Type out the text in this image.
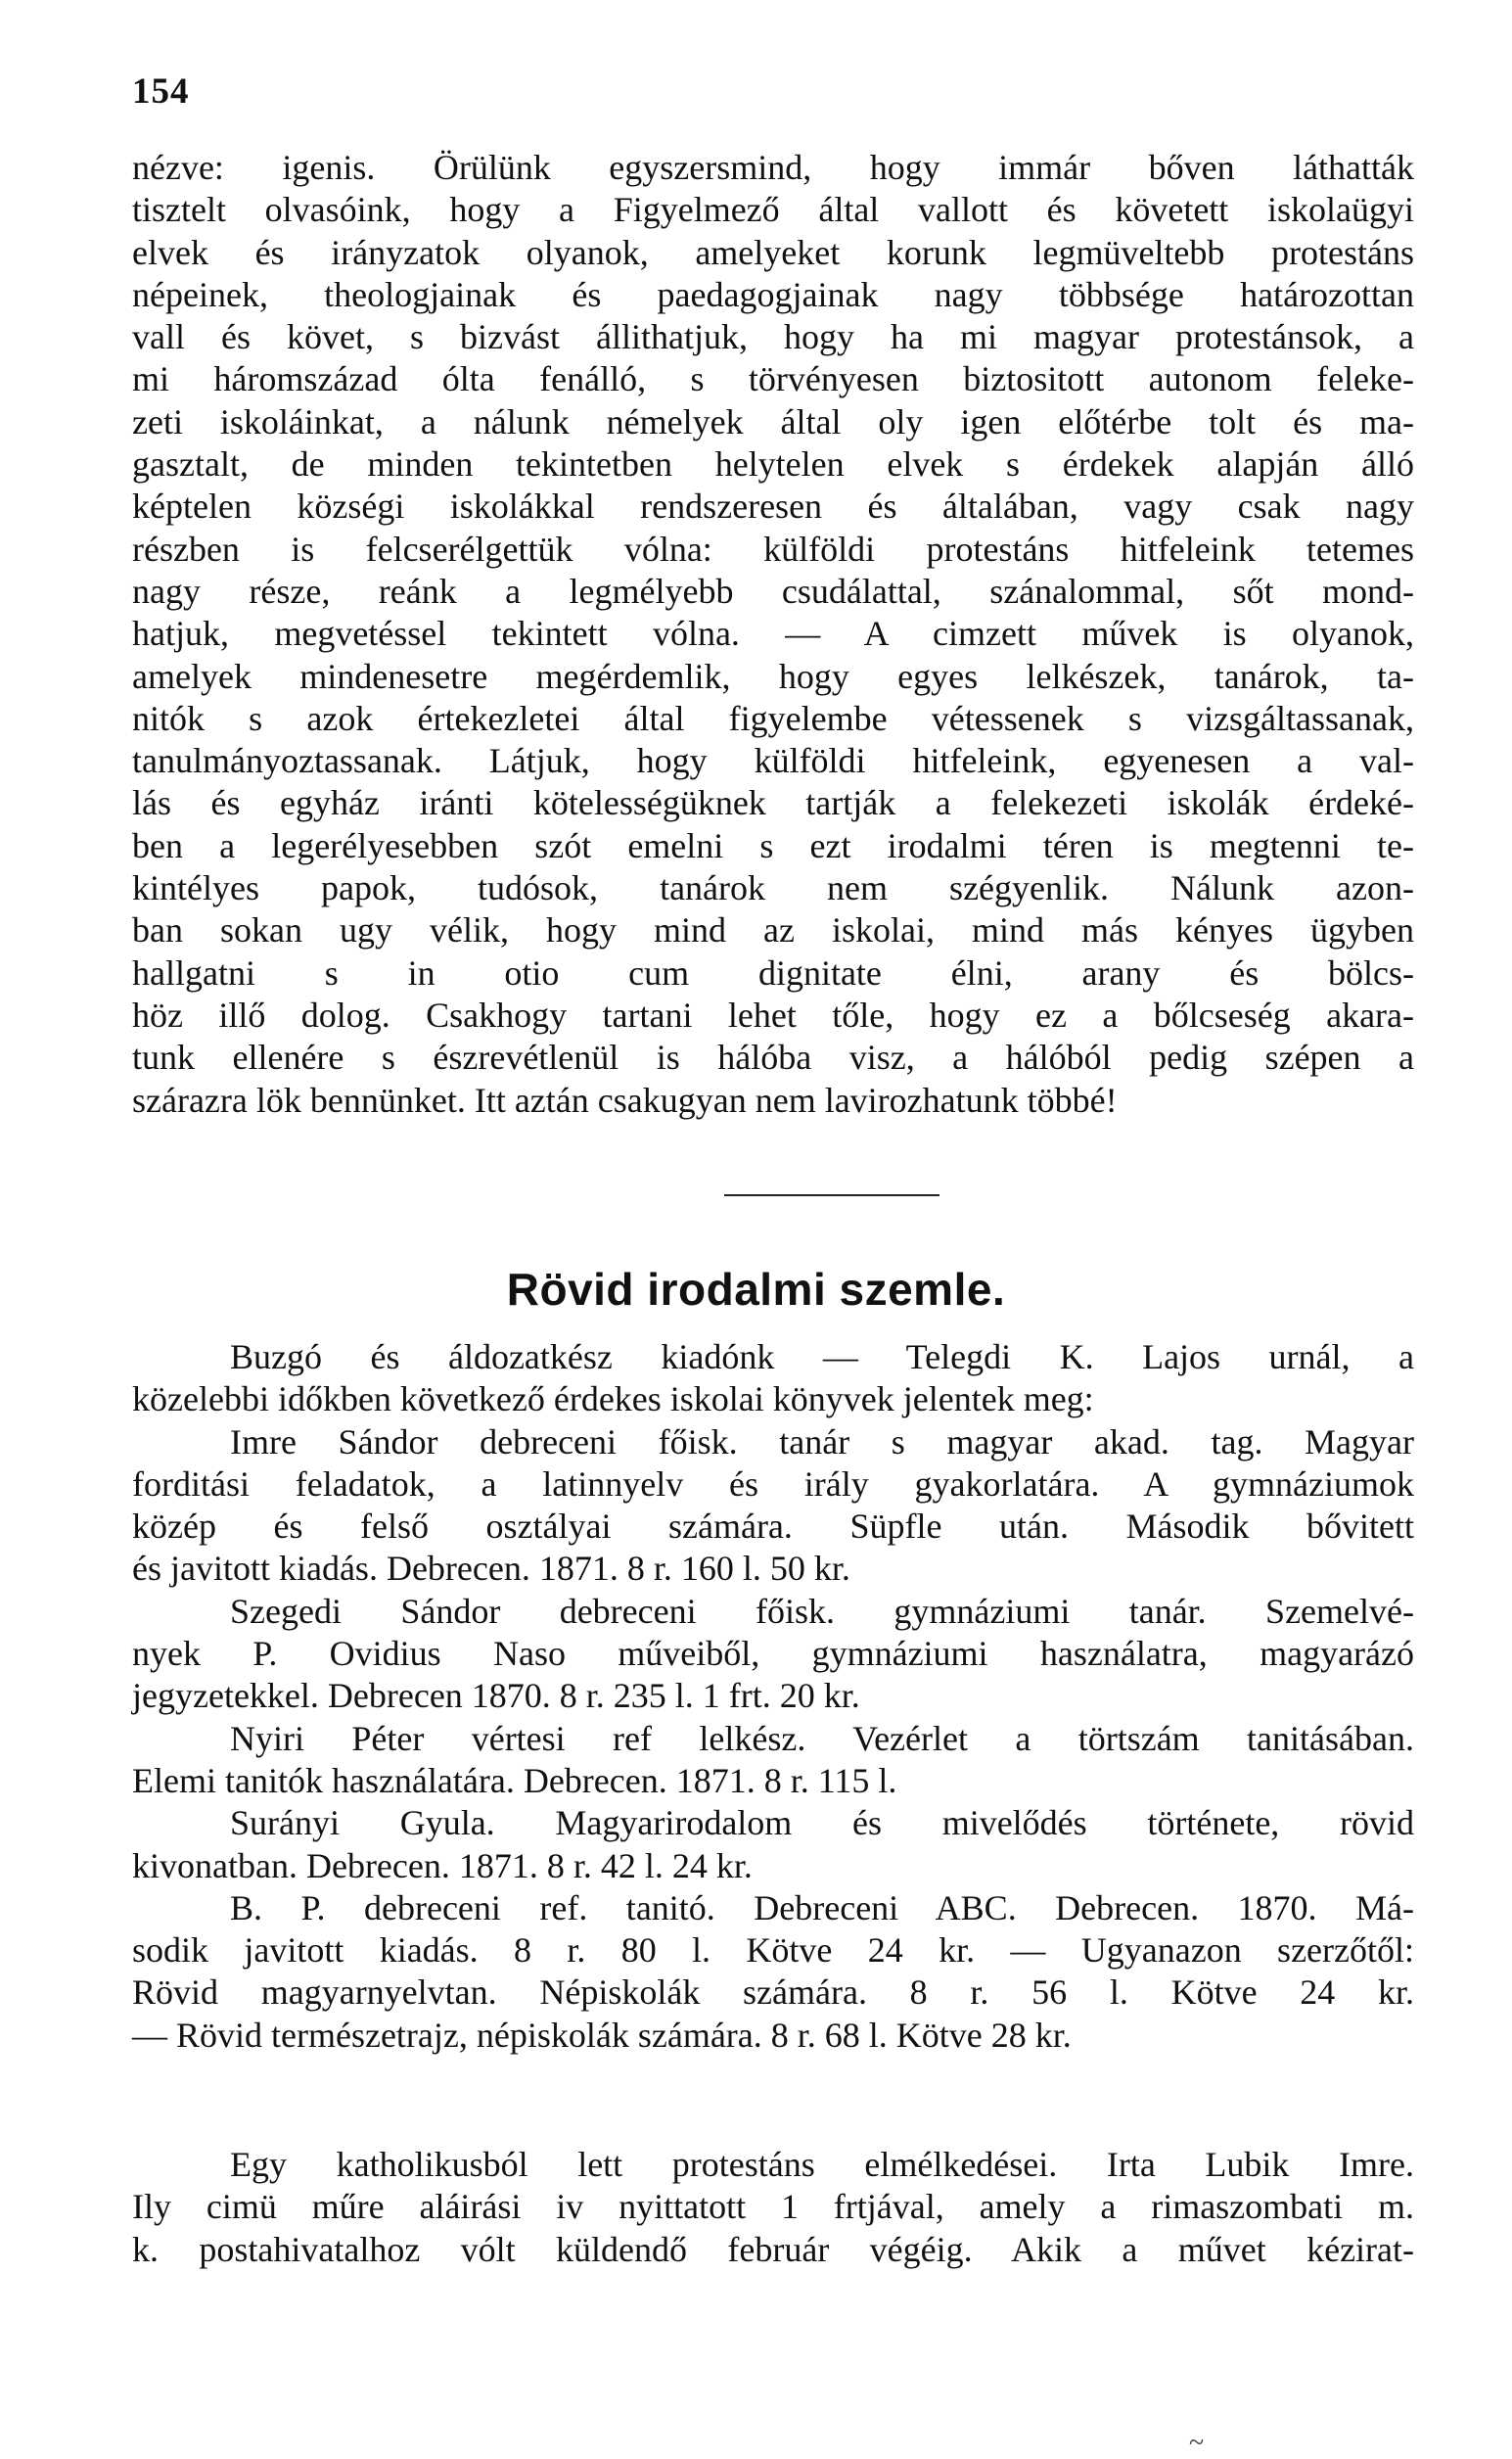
154
nézve: igenis. Örülünk egyszersmind, hogy immár bőven láthatták
tisztelt olvasóink, hogy a Figyelmező által vallott és követett iskolaügyi
elvek és irányzatok olyanok, amelyeket korunk legmüveltebb protestáns
népeinek, theologjainak és paedagogjainak nagy többsége határozottan
vall és követ, s bizvást állithatjuk, hogy ha mi magyar protestánsok, a
mi háromszázad ólta fenálló, s törvényesen biztositott autonom feleke-
zeti iskoláinkat, a nálunk némelyek által oly igen előtérbe tolt és ma-
gasztalt, de minden tekintetben helytelen elvek s érdekek alapján álló
képtelen községi iskolákkal rendszeresen és általában, vagy csak nagy
részben is felcserélgettük vólna: külföldi protestáns hitfeleink tetemes
nagy része, reánk a legmélyebb csudálattal, szánalommal, sőt mond-
hatjuk, megvetéssel tekintett vólna. — A cimzett művek is olyanok,
amelyek mindenesetre megérdemlik, hogy egyes lelkészek, tanárok, ta-
nitók s azok értekezletei által figyelembe vétessenek s vizsgáltassanak,
tanulmányoztassanak. Látjuk, hogy külföldi hitfeleink, egyenesen a val-
lás és egyház iránti kötelességüknek tartják a felekezeti iskolák érdeké-
ben a legerélyesebben szót emelni s ezt irodalmi téren is megtenni te-
kintélyes papok, tudósok, tanárok nem szégyenlik. Nálunk azon-
ban sokan ugy vélik, hogy mind az iskolai, mind más kényes ügyben
hallgatni s in otio cum dignitate élni, arany és bölcs-
höz illő dolog. Csakhogy tartani lehet tőle, hogy ez a bőlcseség akara-
tunk ellenére s észrevétlenül is hálóba visz, a hálóból pedig szépen a
szárazra lök bennünket. Itt aztán csakugyan nem lavirozhatunk többé!
Rövid irodalmi szemle.
Buzgó és áldozatkész kiadónk — Telegdi K. Lajos urnál, a
közelebbi időkben következő érdekes iskolai könyvek jelentek meg:
Imre Sándor debreceni főisk. tanár s magyar akad. tag. Magyar
forditási feladatok, a latinnyelv és irály gyakorlatára. A gymnáziumok
közép és felső osztályai számára. Süpfle után. Második bővitett
és javitott kiadás. Debrecen. 1871. 8 r. 160 l. 50 kr.
Szegedi Sándor debreceni főisk. gymnáziumi tanár. Szemelvé-
nyek P. Ovidius Naso műveiből, gymnáziumi használatra, magyarázó
jegyzetekkel. Debrecen 1870. 8 r. 235 l. 1 frt. 20 kr.
Nyiri Péter vértesi ref lelkész. Vezérlet a törtszám tanitásában.
Elemi tanitók használatára. Debrecen. 1871. 8 r. 115 l.
Surányi Gyula. Magyarirodalom és mivelődés története, rövid
kivonatban. Debrecen. 1871. 8 r. 42 l. 24 kr.
B. P. debreceni ref. tanitó. Debreceni ABC. Debrecen. 1870. Má-
sodik javitott kiadás. 8 r. 80 l. Kötve 24 kr. — Ugyanazon szerzőtől:
Rövid magyarnyelvtan. Népiskolák számára. 8 r. 56 l. Kötve 24 kr.
— Rövid természetrajz, népiskolák számára. 8 r. 68 l. Kötve 28 kr.
Egy katholikusból lett protestáns elmélkedései. Irta Lubik Imre.
Ily cimü műre aláirási iv nyittatott 1 frtjával, amely a rimaszombati m.
k. postahivatalhoz vólt küldendő február végéig. Akik a művet kézirat-
~
